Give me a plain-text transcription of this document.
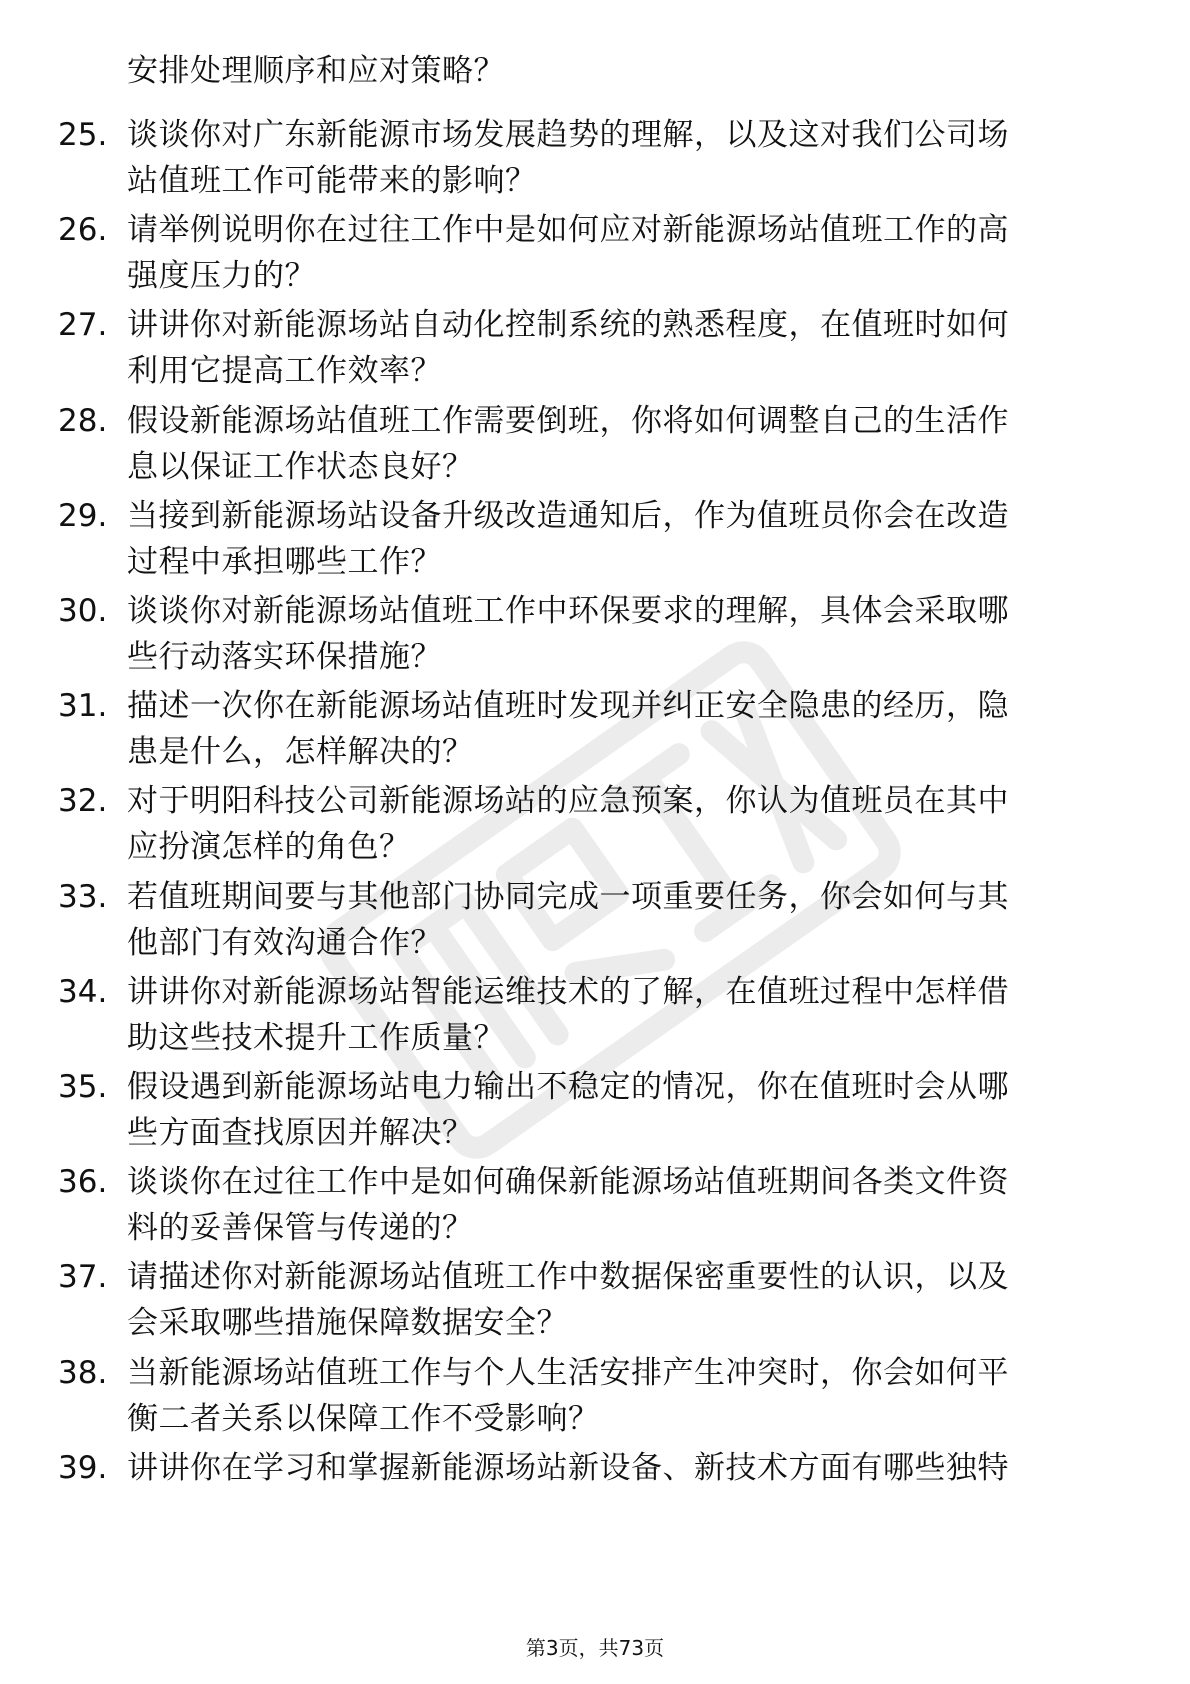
安排处理顺序和应对策略？
25. 谈谈你对广东新能源市场发展趋势的理解，以及这对我们公司场
站值班工作可能带来的影响？
26. 请举例说明你在过往工作中是如何应对新能源场站值班工作的高
强度压力的？
27. 讲讲你对新能源场站自动化控制系统的熟悉程度，在值班时如何
利用它提高工作效率？
28. 假设新能源场站值班工作需要倒班，你将如何调整自己的生活作
息以保证工作状态良好？
29. 当接到新能源场站设备升级改造通知后，作为值班员你会在改造
过程中承担哪些工作？
30. 谈谈你对新能源场站值班工作中环保要求的理解，具体会采取哪
些行动落实环保措施？
31. 描述一次你在新能源场站值班时发现并纠正安全隐患的经历，隐
患是什么，怎样解决的？
32. 对于明阳科技公司新能源场站的应急预案，你认为值班员在其中
应扮演怎样的角色？
33. 若值班期间要与其他部门协同完成一项重要任务，你会如何与其
他部门有效沟通合作？
34. 讲讲你对新能源场站智能运维技术的了解，在值班过程中怎样借
助这些技术提升工作质量？
35. 假设遇到新能源场站电力输出不稳定的情况，你在值班时会从哪
些方面查找原因并解决？
36. 谈谈你在过往工作中是如何确保新能源场站值班期间各类文件资
料的妥善保管与传递的？
37. 请描述你对新能源场站值班工作中数据保密重要性的认识，以及
会采取哪些措施保障数据安全？
38. 当新能源场站值班工作与个人生活安排产生冲突时，你会如何平
衡二者关系以保障工作不受影响？
39. 讲讲你在学习和掌握新能源场站新设备、新技术方面有哪些独特
第3页，共73页
